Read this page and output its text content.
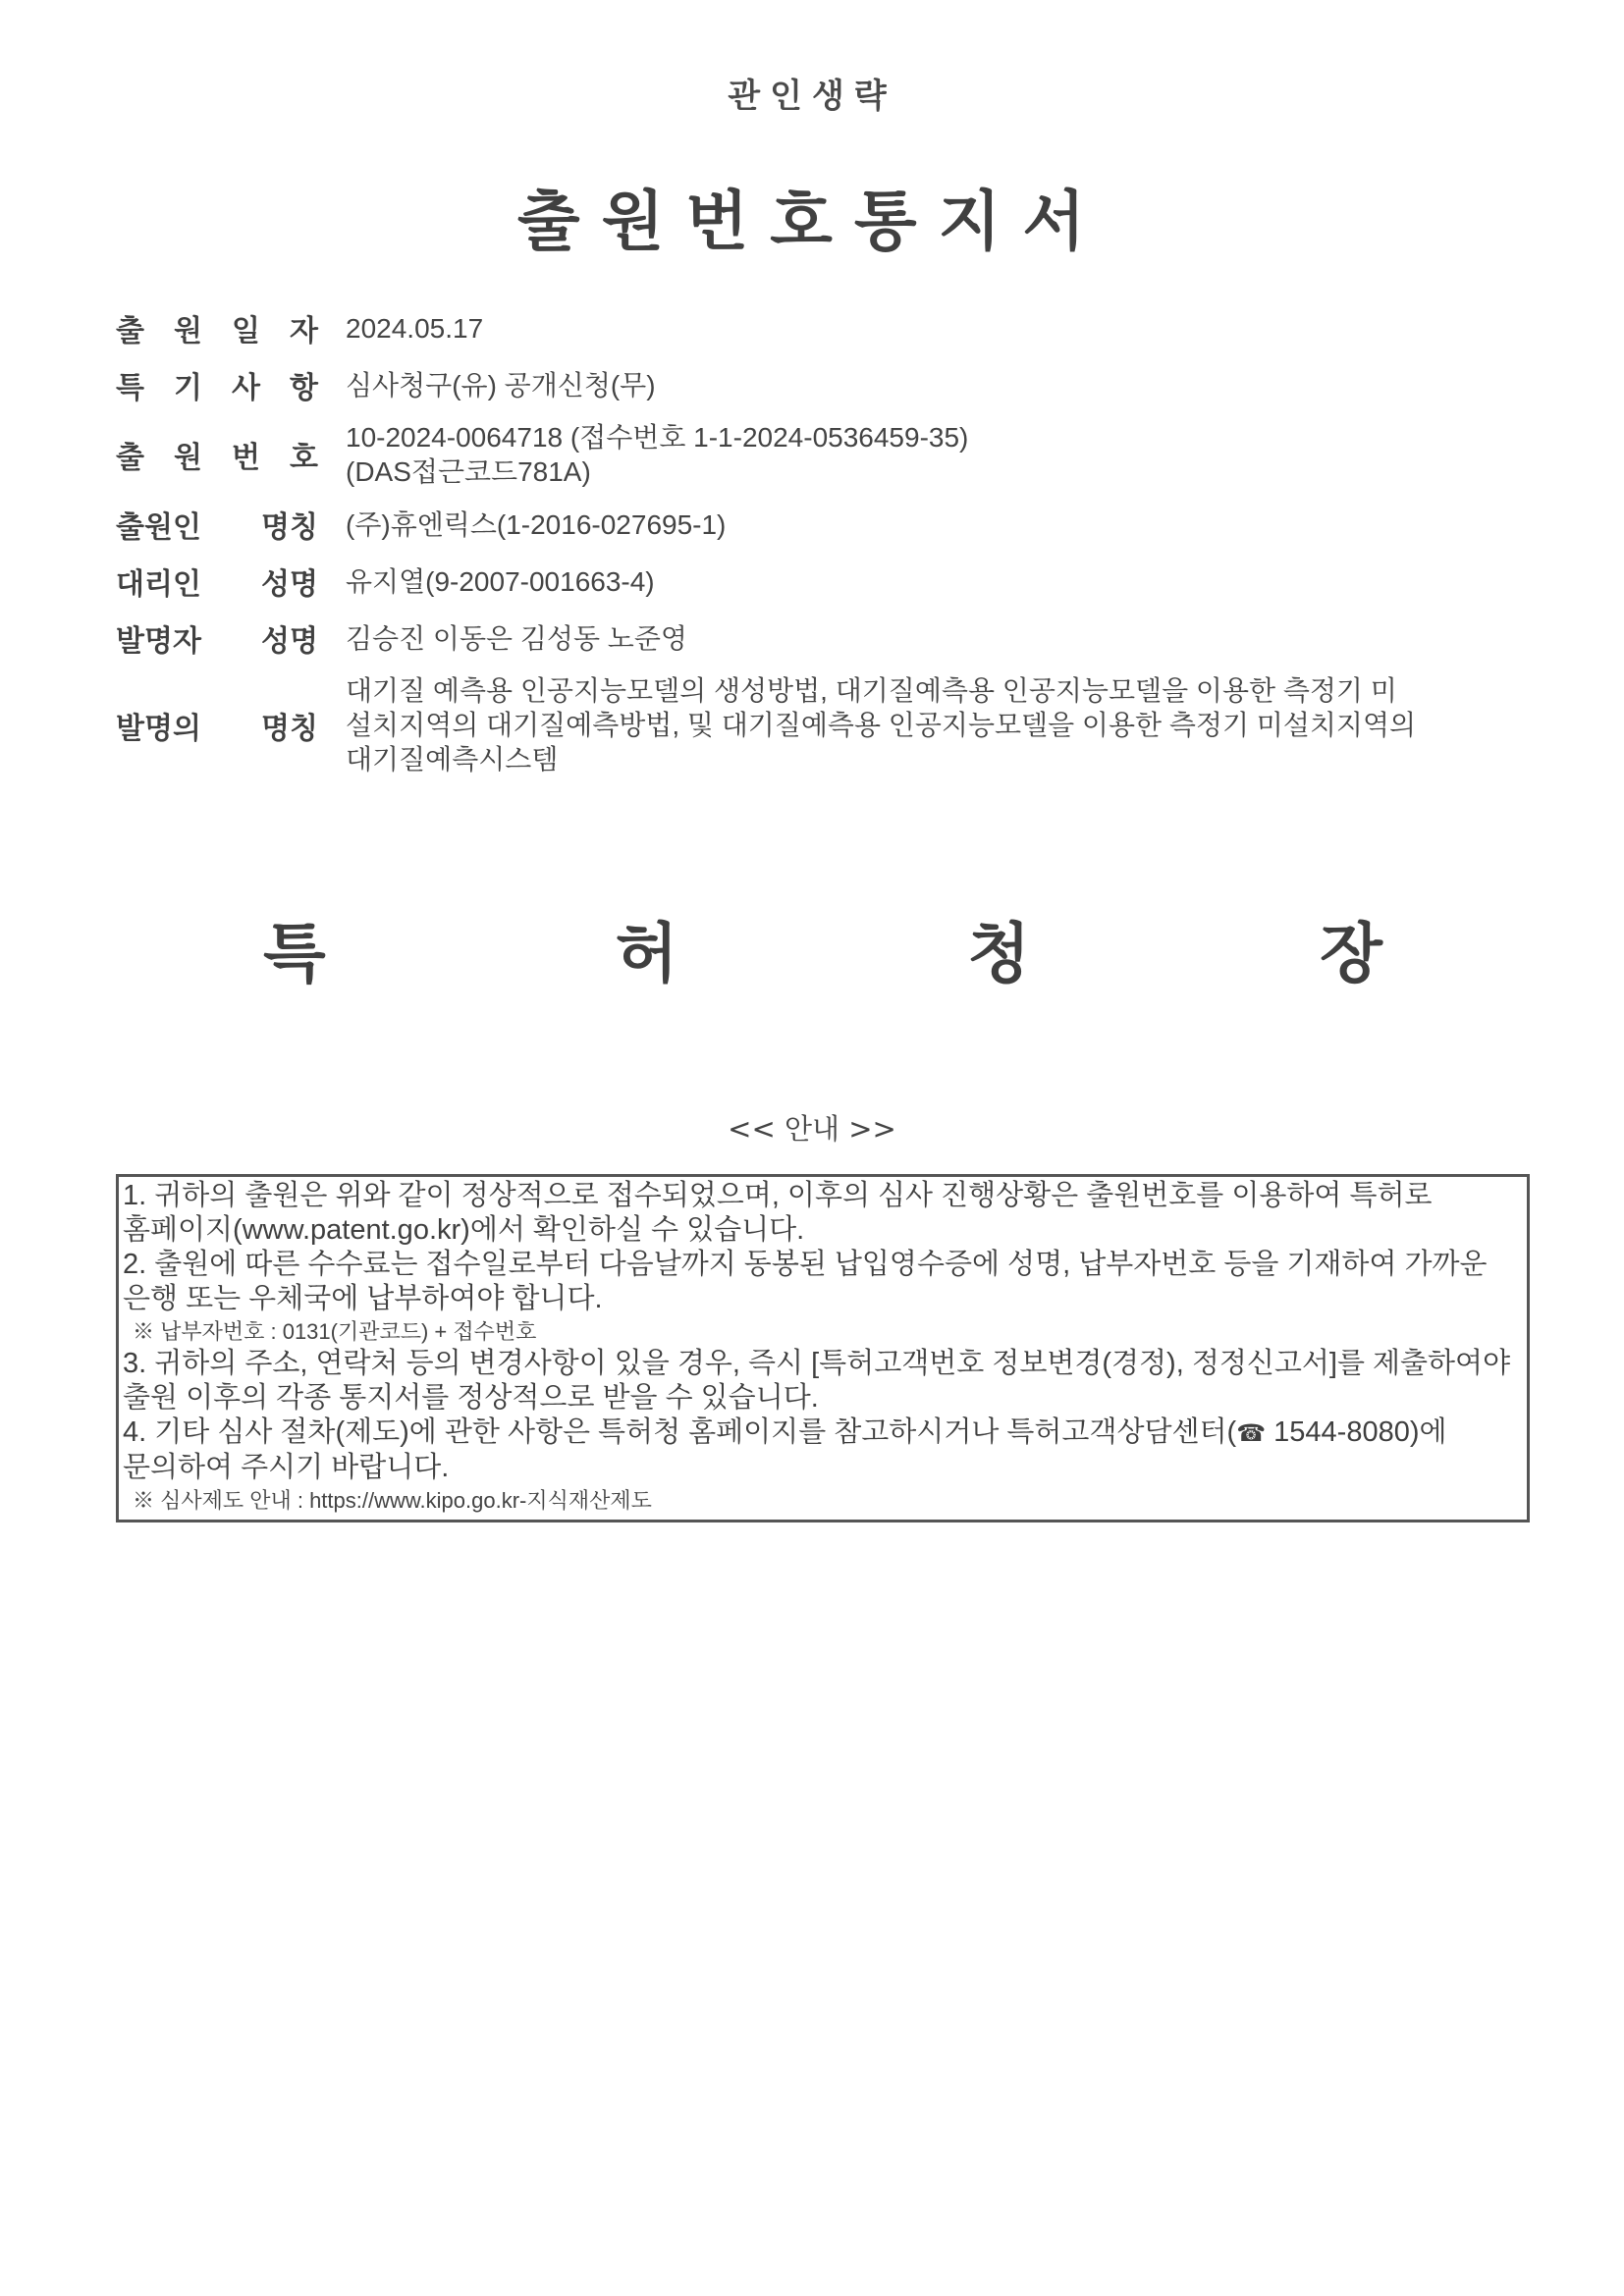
관인생략
출원번호통지서
출 원 일 자 2024.05.17
특 기 사 항 심사청구(유) 공개신청(무)
출 원 번 호
10-2024-0064718 (접수번호 1-1-2024-0536459-35)
(DAS접근코드781A)
출원인 명칭 (주)휴엔릭스(1-2016-027695-1)
대리인 성명 유지열(9-2007-001663-4)
발명자 성명 김승진 이동은 김성동 노준영
발명의 명칭
대기질 예측용 인공지능모델의 생성방법, 대기질예측용 인공지능모델을 이용한 측정기 미
설치지역의 대기질예측방법, 및 대기질예측용 인공지능모델을 이용한 측정기 미설치지역의
대기질예측시스템
특	허	청	장
<< 안내 >>
1. 귀하의 출원은 위와 같이 정상적으로 접수되었으며, 이후의 심사 진행상황은 출원번호를 이용하여 특허로 홈페이지(www.patent.go.kr)에서 확인하실 수 있습니다.
2. 출원에 따른 수수료는 접수일로부터 다음날까지 동봉된 납입영수증에 성명, 납부자번호 등을 기재하여 가까운 은행 또는 우체국에 납부하여야 합니다.
※ 납부자번호 : 0131(기관코드) + 접수번호
3. 귀하의 주소, 연락처 등의 변경사항이 있을 경우, 즉시 [특허고객번호 정보변경(경정), 정정신고서]를 제출하여야 출원 이후의 각종 통지서를 정상적으로 받을 수 있습니다.
4. 기타 심사 절차(제도)에 관한 사항은 특허청 홈페이지를 참고하시거나 특허고객상담센터(☎ 1544-8080)에 문의하여 주시기 바랍니다.
※ 심사제도 안내 : https://www.kipo.go.kr-지식재산제도
